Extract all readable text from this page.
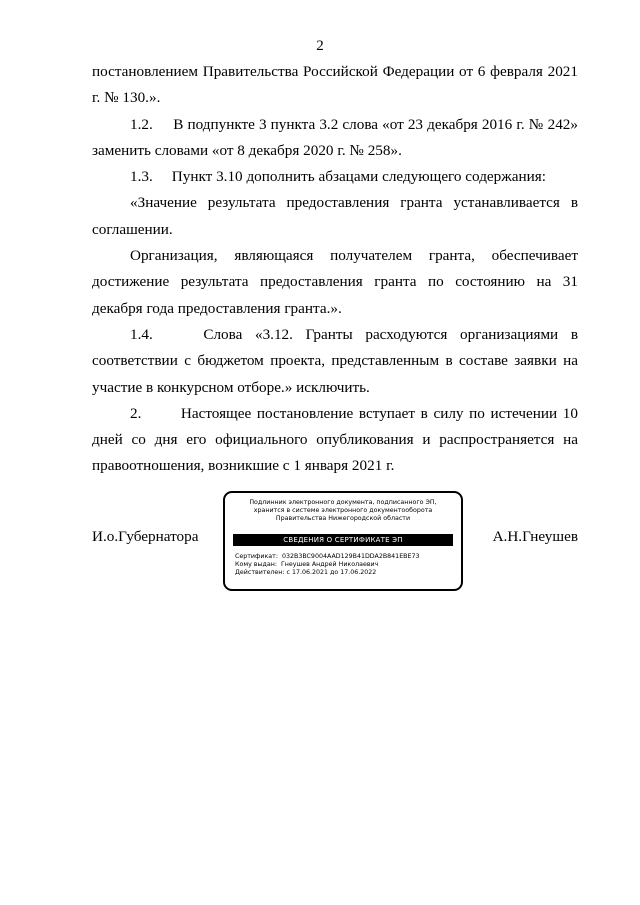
2

постановлением Правительства Российской Федерации от 6 февраля 2021 г. № 130.».

1.2.     В подпункте 3 пункта 3.2 слова «от 23 декабря 2016 г. № 242» заменить словами «от 8 декабря 2020 г. № 258».

1.3.     Пункт 3.10 дополнить абзацами следующего содержания:

«Значение результата предоставления гранта устанавливается в соглашении.

Организация, являющаяся получателем гранта, обеспечивает достижение результата предоставления гранта по состоянию на 31 декабря года предоставления гранта.».

1.4.    Слова «3.12. Гранты расходуются организациями в соответствии с бюджетом проекта, представленным в составе заявки на участие в конкурсном отборе.» исключить.

2.       Настоящее постановление вступает в силу по истечении 10 дней со дня его официального опубликования и распространяется на правоотношения, возникшие с 1 января 2021 г.

И.о.Губернатора	А.Н.Гнеушев
Подлинник электронного документа, подписанного ЭП,
хранится в системе электронного документооборота
Правительства Нижегородской области
СВЕДЕНИЯ О СЕРТИФИКАТЕ ЭП
Сертификат: 032B3BC9004AAD129B41DDA2B841EBE73
Кому выдан: Гнеушев Андрей Николаевич
Действителен: с 17.06.2021 до 17.06.2022
